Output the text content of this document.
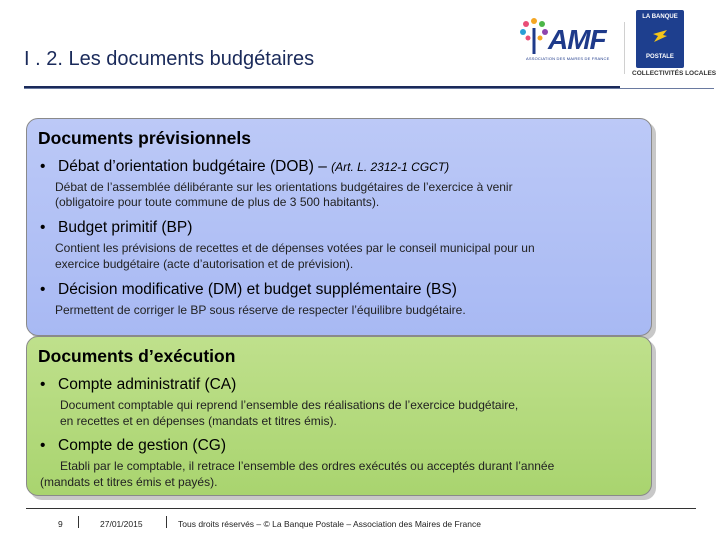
I . 2. Les documents budgétaires
AMF
ASSOCIATION DES MAIRES DE FRANCE
LA BANQUE
POSTALE
COLLECTIVITÉS LOCALES
Documents prévisionnels
• Débat d’orientation budgétaire (DOB) – (Art. L. 2312-1 CGCT)
Débat de l’assemblée délibérante sur les orientations budgétaires de l’exercice à venir
(obligatoire pour toute commune de plus de 3 500 habitants).
• Budget primitif (BP)
Contient les prévisions de recettes et de dépenses votées par le conseil municipal pour un
exercice budgétaire (acte d’autorisation et de prévision).
• Décision modificative (DM) et budget supplémentaire (BS)
Permettent de corriger le BP sous réserve de respecter l’équilibre budgétaire.
Documents d’exécution
• Compte administratif (CA)
Document comptable qui reprend l’ensemble des réalisations de l’exercice budgétaire,
en recettes et en dépenses (mandats et titres émis).
• Compte de gestion (CG)
Etabli par le comptable, il retrace l’ensemble des ordres exécutés ou acceptés durant l’année
(mandats et titres émis et payés).
9	27/01/2015	Tous droits réservés – © La Banque Postale – Association des Maires de France
